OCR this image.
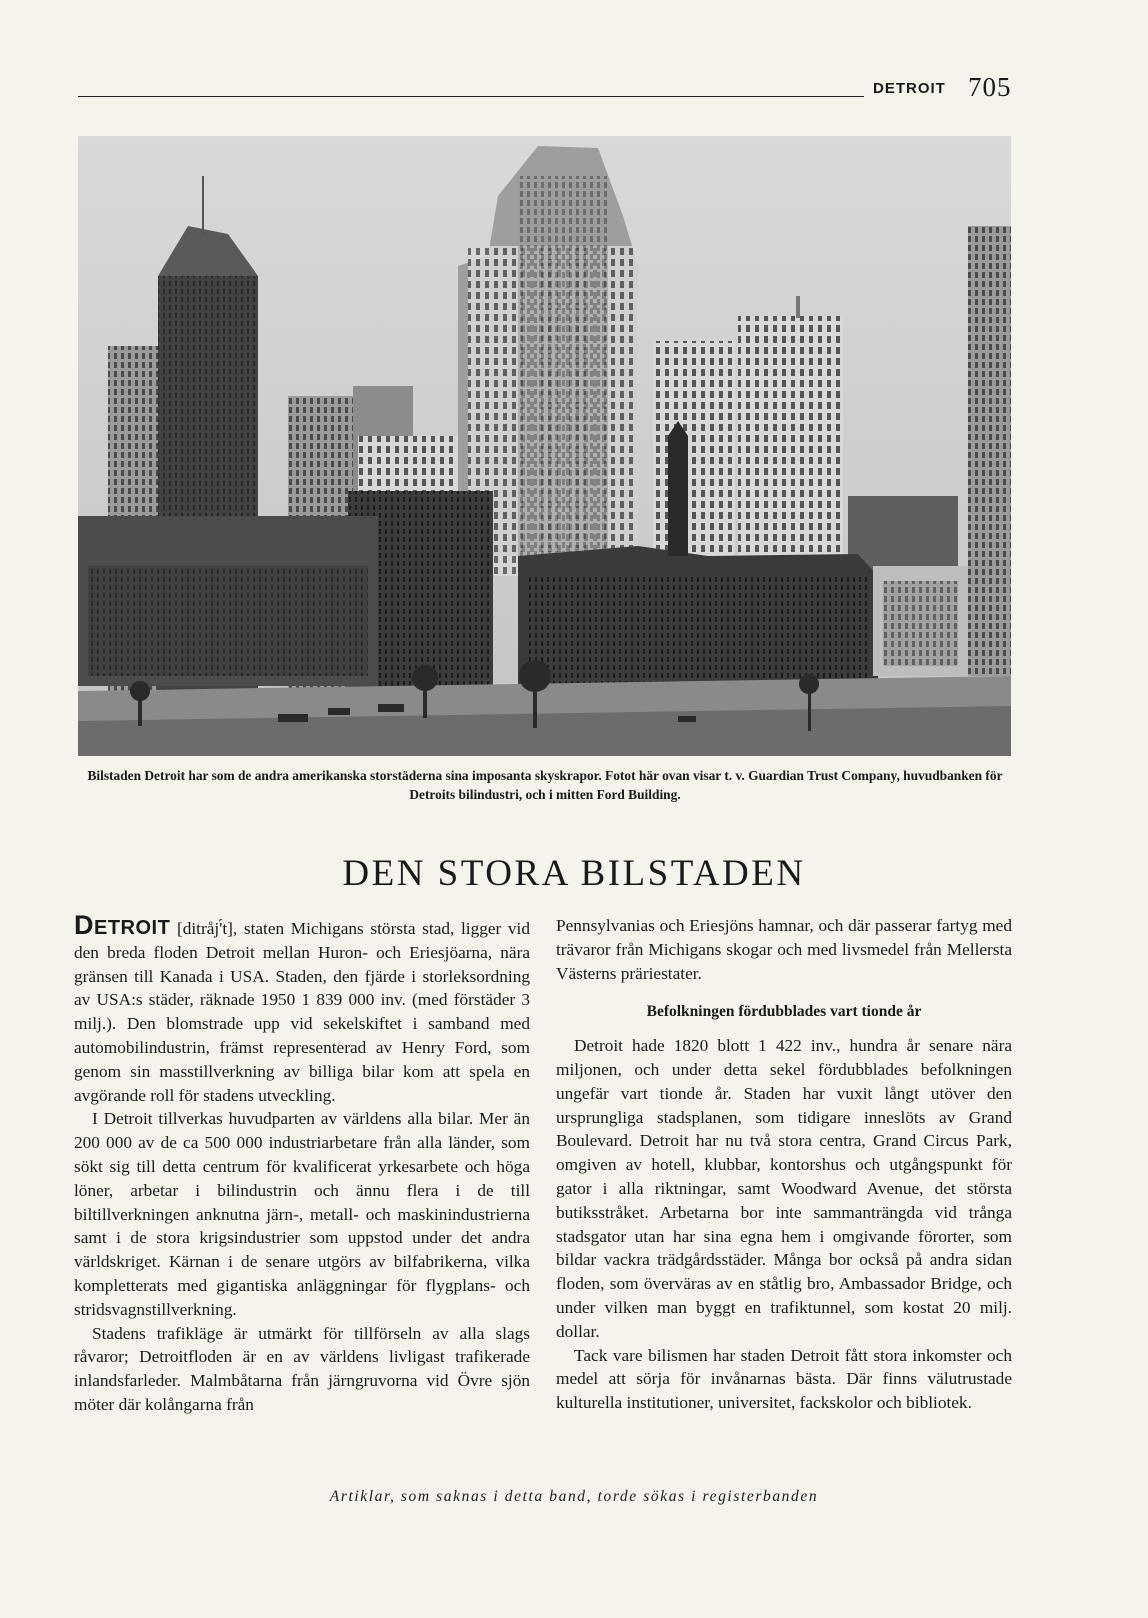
DETROIT 705
Bilstaden Detroit har som de andra amerikanska storstäderna sina imposanta skyskrapor. Fotot här ovan visar t. v. Guardian Trust Company, huvudbanken för Detroits bilindustri, och i mitten Ford Building.
DEN STORA BILSTADEN

DETROIT [ditråj'́t], staten Michigans största stad, ligger vid den breda floden Detroit mellan Huron- och Eriesjöarna, nära gränsen till Kanada i USA. Staden, den fjärde i storleksordning av USA:s städer, räknade 1950 1 839 000 inv. (med förstäder 3 milj.). Den blomstrade upp vid sekelskiftet i samband med automobilindustrin, främst representerad av Henry Ford, som genom sin masstillverkning av billiga bilar kom att spela en avgörande roll för stadens utveckling.

I Detroit tillverkas huvudparten av världens alla bilar. Mer än 200 000 av de ca 500 000 industriarbetare från alla länder, som sökt sig till detta centrum för kvalificerat yrkesarbete och höga löner, arbetar i bilindustrin och ännu flera i de till biltillverkningen anknutna järn-, metall- och maskinindustrierna samt i de stora krigsindustrier som uppstod under det andra världskriget. Kärnan i de senare utgörs av bilfabrikerna, vilka kompletterats med gigantiska anläggningar för flygplans- och stridsvagnstillverkning.

Stadens trafikläge är utmärkt för tillförseln av alla slags råvaror; Detroitfloden är en av världens livligast trafikerade inlandsfarleder. Malmbåtarna från järngruvorna vid Övre sjön möter där kolångarna från

Pennsylvanias och Eriesjöns hamnar, och där passerar fartyg med trävaror från Michigans skogar och med livsmedel från Mellersta Västerns präriestater.

Befolkningen fördubblades vart tionde år

Detroit hade 1820 blott 1 422 inv., hundra år senare nära miljonen, och under detta sekel fördubblades befolkningen ungefär vart tionde år. Staden har vuxit långt utöver den ursprungliga stadsplanen, som tidigare inneslöts av Grand Boulevard. Detroit har nu två stora centra, Grand Circus Park, omgiven av hotell, klubbar, kontorshus och utgångspunkt för gator i alla riktningar, samt Woodward Avenue, det största butiksstråket. Arbetarna bor inte sammanträngda vid trånga stadsgator utan har sina egna hem i omgivande förorter, som bildar vackra trädgårdsstäder. Många bor också på andra sidan floden, som överväras av en ståtlig bro, Ambassador Bridge, och under vilken man byggt en trafiktunnel, som kostat 20 milj. dollar.

Tack vare bilismen har staden Detroit fått stora inkomster och medel att sörja för invånarnas bästa. Där finns välutrustade kulturella institutioner, universitet, fackskolor och bibliotek.

Artiklar, som saknas i detta band, torde sökas i registerbanden
